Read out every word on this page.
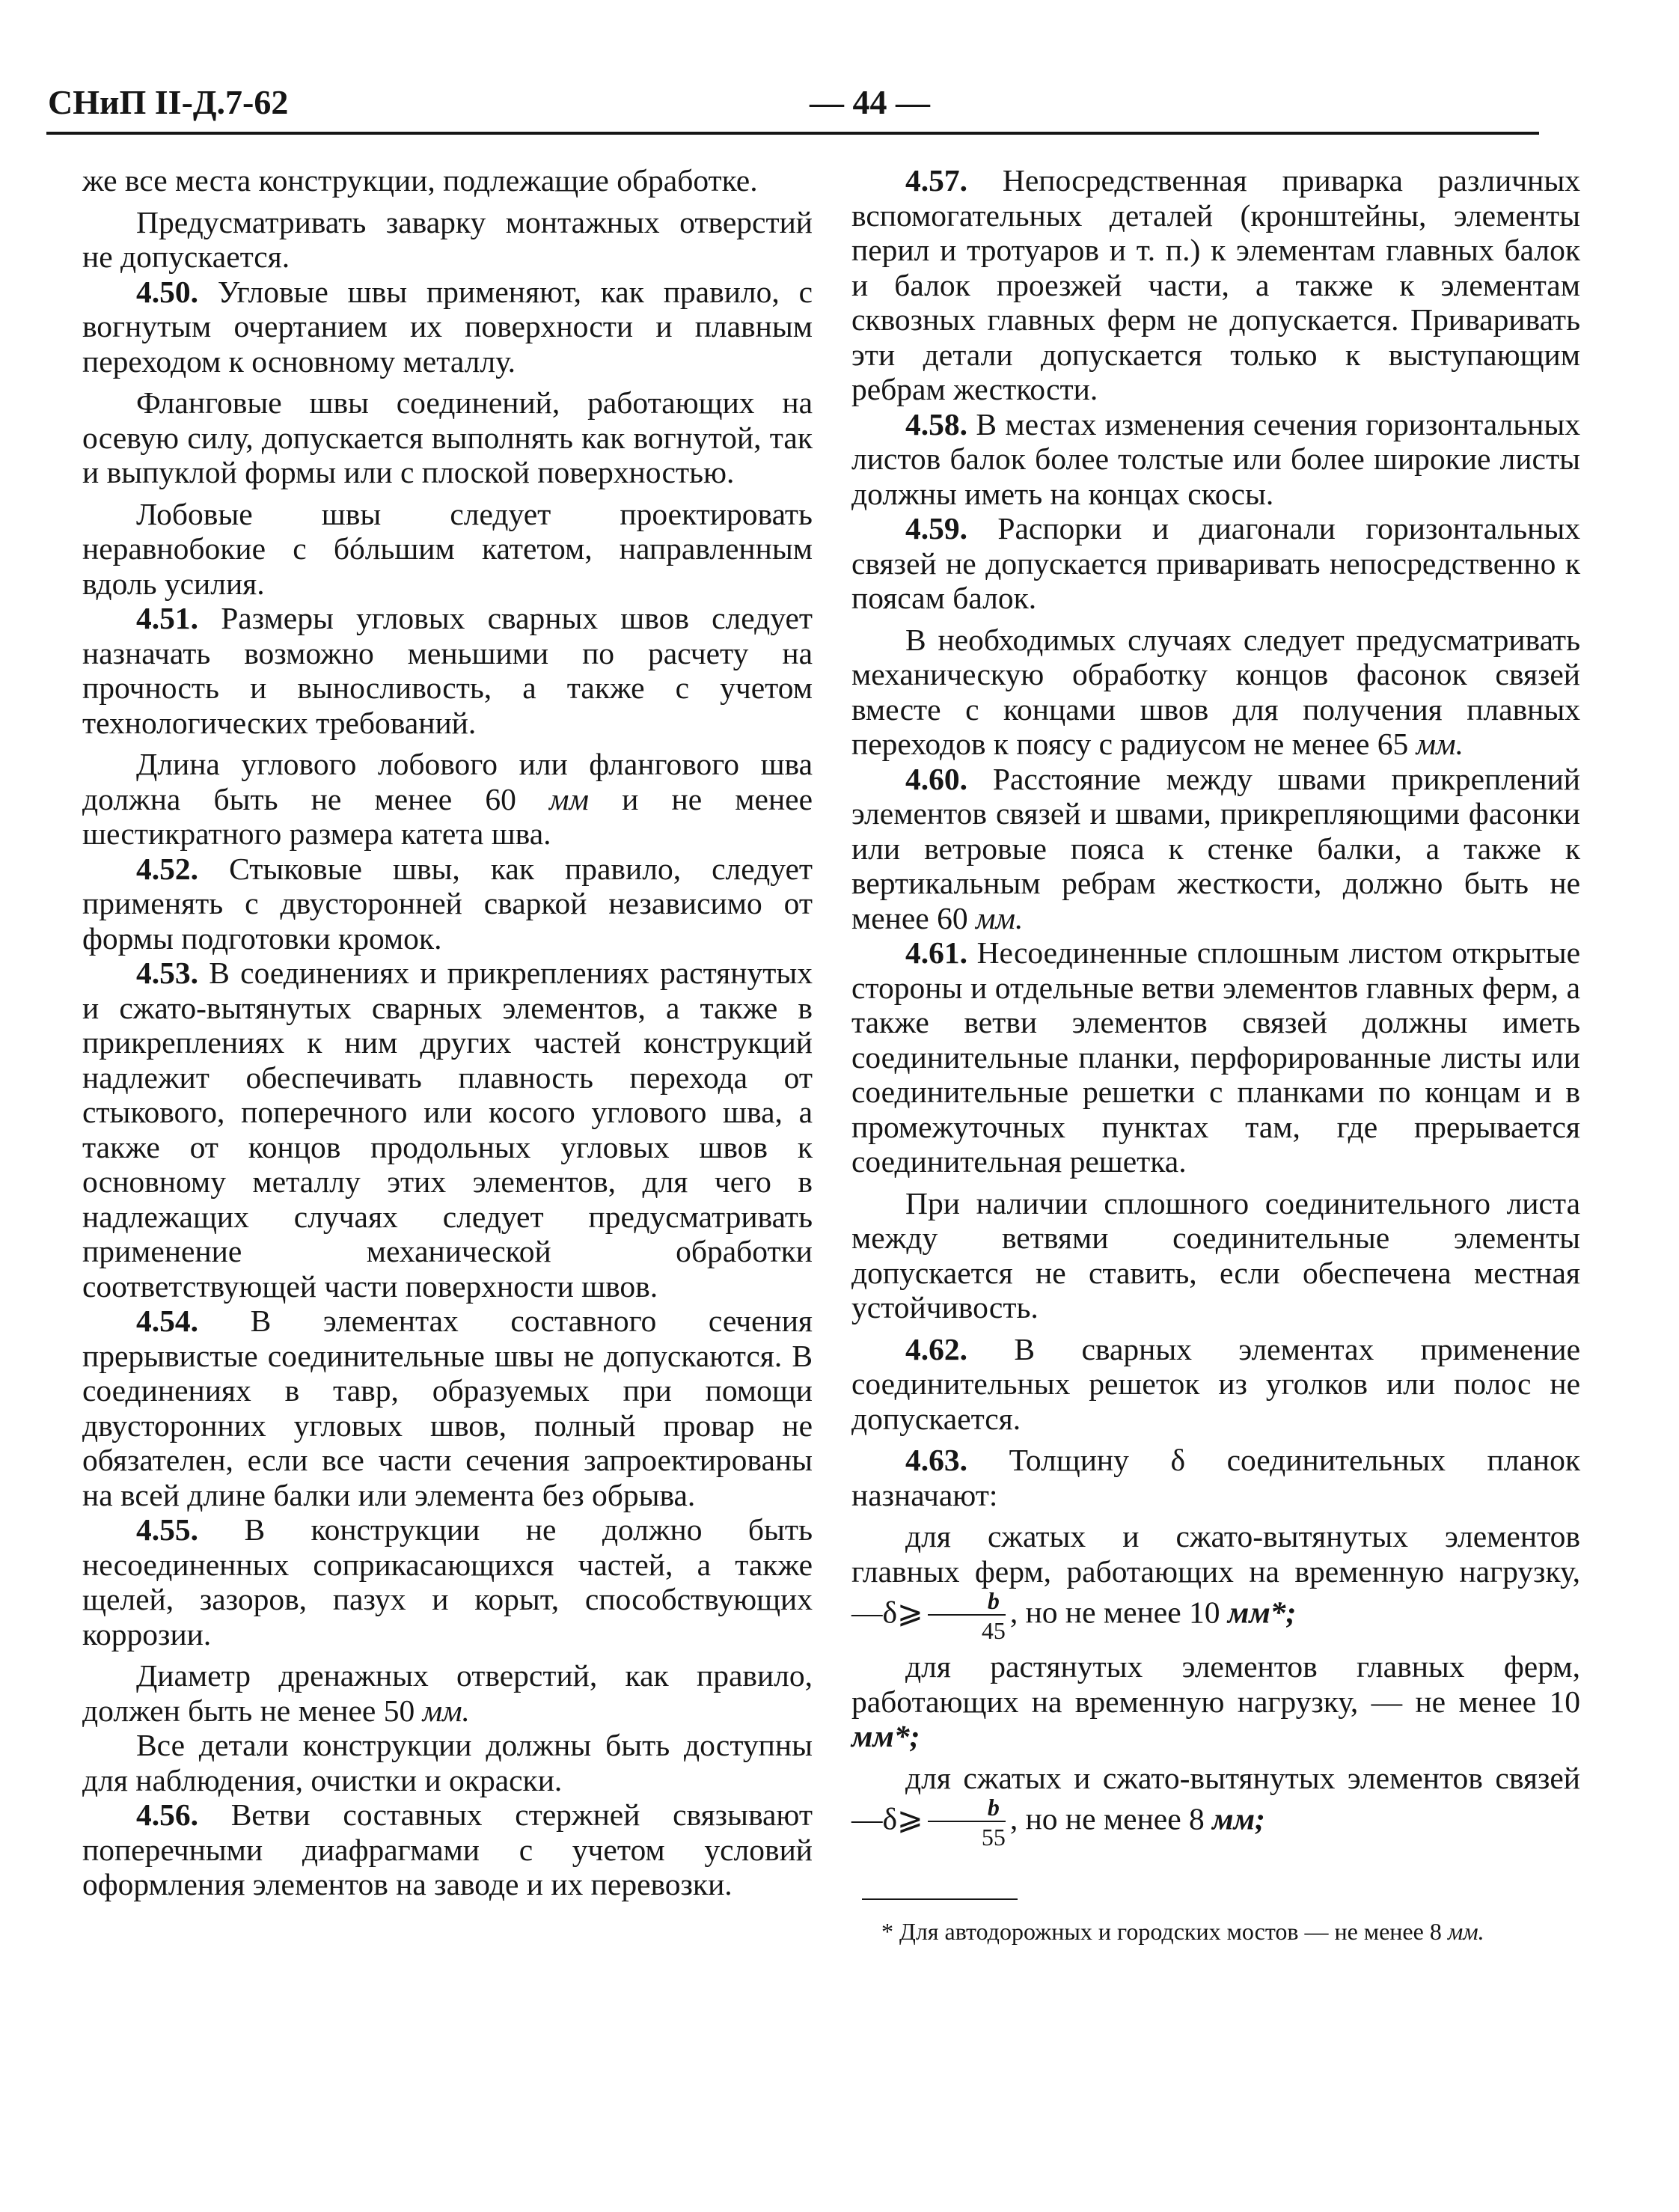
СНиП II-Д.7-62	— 44 —

же все места конструкции, подлежащие обработке.

Предусматривать заварку монтажных отверстий не допускается.

4.50. Угловые швы применяют, как правило, с вогнутым очертанием их поверхности и плавным переходом к основному металлу.

Фланговые швы соединений, работающих на осевую силу, допускается выполнять как вогнутой, так и выпуклой формы или с плоской поверхностью.

Лобовые швы следует проектировать неравнобокие с бóльшим катетом, направленным вдоль усилия.

4.51. Размеры угловых сварных швов следует назначать возможно меньшими по расчету на прочность и выносливость, а также с учетом технологических требований.

Длина углового лобового или флангового шва должна быть не менее 60 мм и не менее шестикратного размера катета шва.

4.52. Стыковые швы, как правило, следует применять с двусторонней сваркой независимо от формы подготовки кромок.

4.53. В соединениях и прикреплениях растянутых и сжато-вытянутых сварных элементов, а также в прикреплениях к ним других частей конструкций надлежит обеспечивать плавность перехода от стыкового, поперечного или косого углового шва, а также от концов продольных угловых швов к основному металлу этих элементов, для чего в надлежащих случаях следует предусматривать применение механической обработки соответствующей части поверхности швов.

4.54. В элементах составного сечения прерывистые соединительные швы не допускаются. В соединениях в тавр, образуемых при помощи двусторонних угловых швов, полный провар не обязателен, если все части сечения запроектированы на всей длине балки или элемента без обрыва.

4.55. В конструкции не должно быть несоединенных соприкасающихся частей, а также щелей, зазоров, пазух и корыт, способствующих коррозии.

Диаметр дренажных отверстий, как правило, должен быть не менее 50 мм.

Все детали конструкции должны быть доступны для наблюдения, очистки и окраски.

4.56. Ветви составных стержней связывают поперечными диафрагмами с учетом условий оформления элементов на заводе и их перевозки.

4.57. Непосредственная приварка различных вспомогательных деталей (кронштейны, элементы перил и тротуаров и т. п.) к элементам главных балок и балок проезжей части, а также к элементам сквозных главных ферм не допускается. Приваривать эти детали допускается только к выступающим ребрам жесткости.

4.58. В местах изменения сечения горизонтальных листов балок более толстые или более широкие листы должны иметь на концах скосы.

4.59. Распорки и диагонали горизонтальных связей не допускается приваривать непосредственно к поясам балок.

В необходимых случаях следует предусматривать механическую обработку концов фасонок связей вместе с концами швов для получения плавных переходов к поясу с радиусом не менее 65 мм.

4.60. Расстояние между швами прикреплений элементов связей и швами, прикрепляющими фасонки или ветровые пояса к стенке балки, а также к вертикальным ребрам жесткости, должно быть не менее 60 мм.

4.61. Несоединенные сплошным листом открытые стороны и отдельные ветви элементов главных ферм, а также ветви элементов связей должны иметь соединительные планки, перфорированные листы или соединительные решетки с планками по концам и в промежуточных пунктах там, где прерывается соединительная решетка.

При наличии сплошного соединительного листа между ветвями соединительные элементы допускается не ставить, если обеспечена местная устойчивость.

4.62. В сварных элементах применение соединительных решеток из уголков или полос не допускается.

4.63. Толщину δ соединительных планок назначают:

для сжатых и сжато-вытянутых элементов главных ферм, работающих на временную нагрузку, —δ⩾ $\frac{b}{45}$ , но не менее 10 мм*;

для растянутых элементов главных ферм, работающих на временную нагрузку, — не менее 10 мм*;

для сжатых и сжато-вытянутых элементов связей —δ⩾ $\frac{b}{55}$ , но не менее 8 мм;

* Для автодорожных и городских мостов — не менее 8 мм.
